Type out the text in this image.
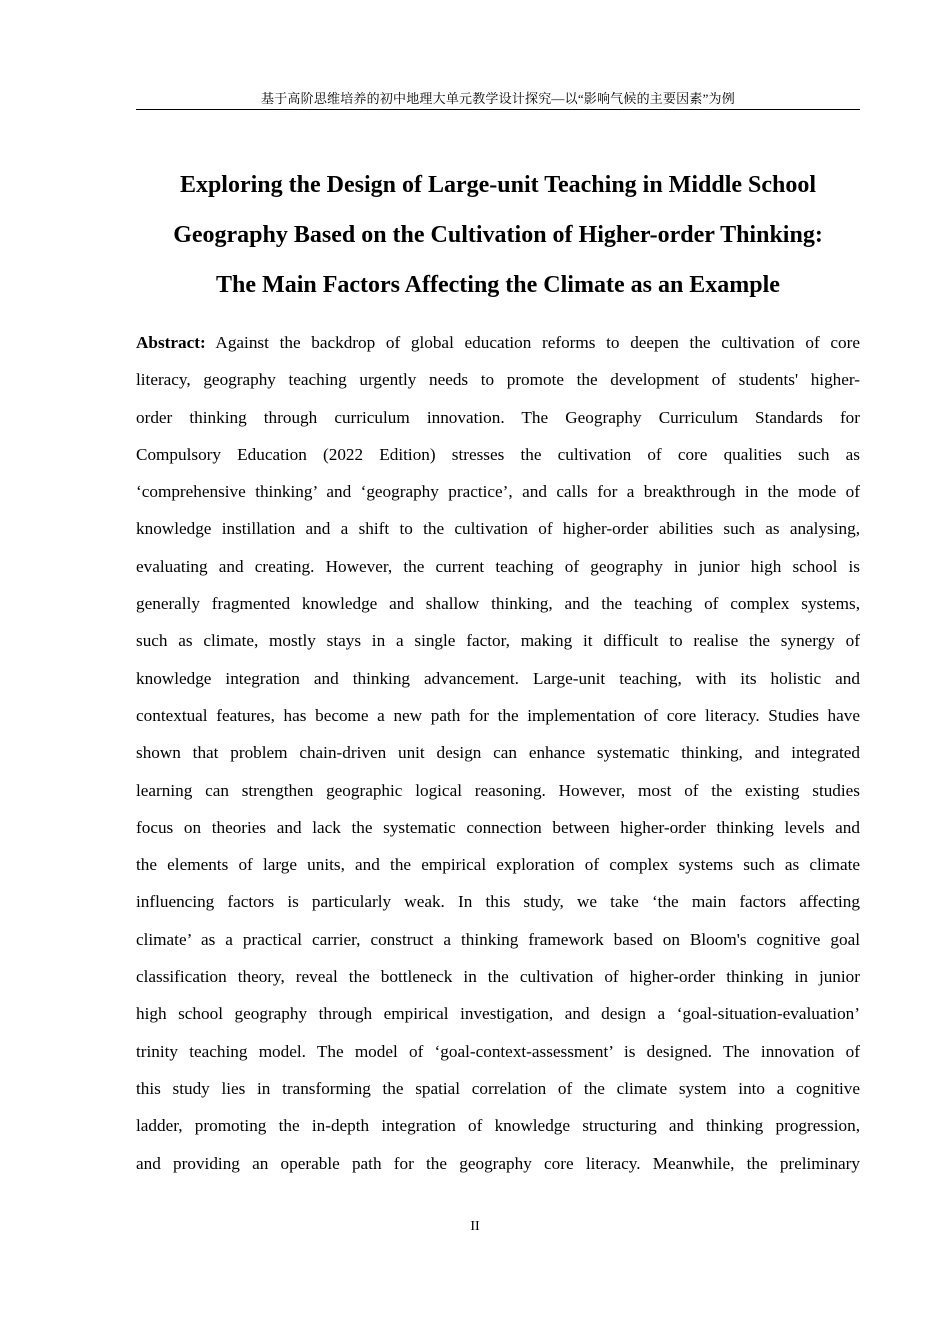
基于高阶思维培养的初中地理大单元教学设计探究—以“影响气候的主要因素”为例
Exploring the Design of Large-unit Teaching in Middle School
Geography Based on the Cultivation of Higher-order Thinking:
The Main Factors Affecting the Climate as an Example
Abstract: Against the backdrop of global education reforms to deepen the cultivation of core
literacy, geography teaching urgently needs to promote the development of students' higher-
order thinking through curriculum innovation. The Geography Curriculum Standards for
Compulsory Education (2022 Edition) stresses the cultivation of core qualities such as
‘comprehensive thinking’ and ‘geography practice’, and calls for a breakthrough in the mode of
knowledge instillation and a shift to the cultivation of higher-order abilities such as analysing,
evaluating and creating. However, the current teaching of geography in junior high school is
generally fragmented knowledge and shallow thinking, and the teaching of complex systems,
such as climate, mostly stays in a single factor, making it difficult to realise the synergy of
knowledge integration and thinking advancement. Large-unit teaching, with its holistic and
contextual features, has become a new path for the implementation of core literacy. Studies have
shown that problem chain-driven unit design can enhance systematic thinking, and integrated
learning can strengthen geographic logical reasoning. However, most of the existing studies
focus on theories and lack the systematic connection between higher-order thinking levels and
the elements of large units, and the empirical exploration of complex systems such as climate
influencing factors is particularly weak. In this study, we take ‘the main factors affecting
climate’ as a practical carrier, construct a thinking framework based on Bloom's cognitive goal
classification theory, reveal the bottleneck in the cultivation of higher-order thinking in junior
high school geography through empirical investigation, and design a ‘goal-situation-evaluation’
trinity teaching model. The model of ‘goal-context-assessment’ is designed. The innovation of
this study lies in transforming the spatial correlation of the climate system into a cognitive
ladder, promoting the in-depth integration of knowledge structuring and thinking progression,
and providing an operable path for the geography core literacy. Meanwhile, the preliminary
II
